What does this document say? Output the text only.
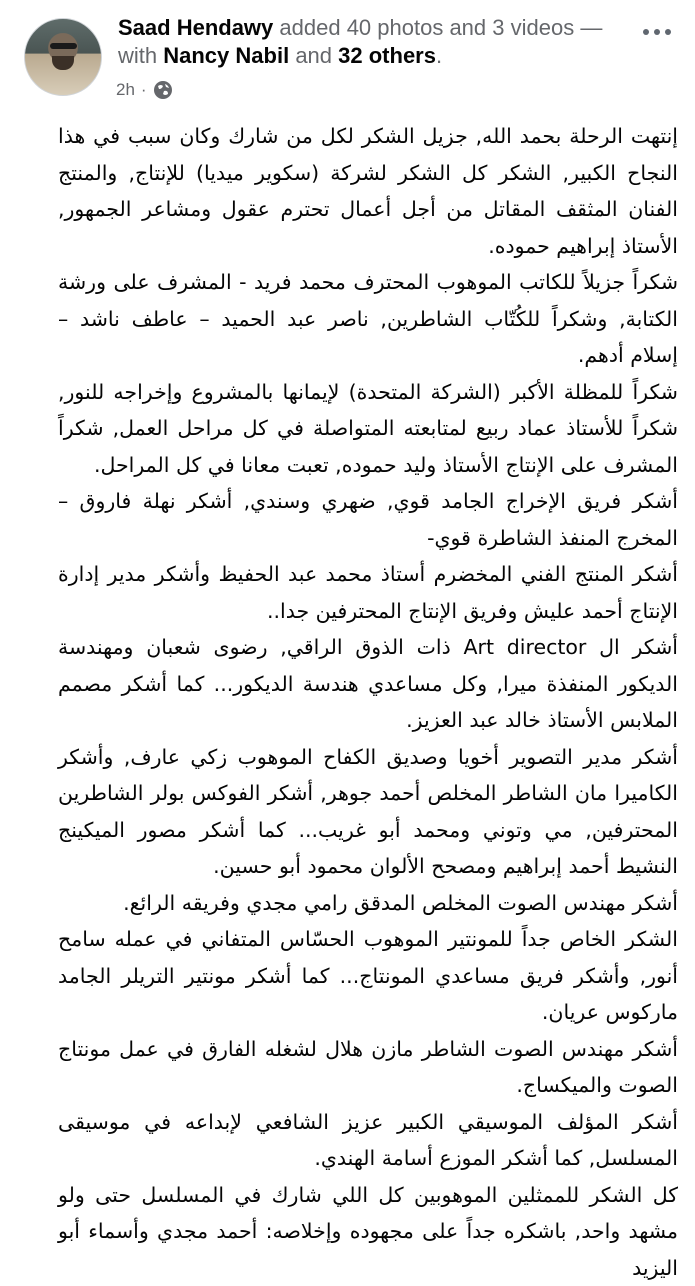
Saad Hendawy added 40 photos and 3 videos — with Nancy Nabil and 32 others.
2h ·

إنتهت الرحلة بحمد الله, جزيل الشكر لكل من شارك وكان سبب في هذا النجاح الكبير, الشكر كل الشكر لشركة (سكوير ميديا) للإنتاج, والمنتج الفنان المثقف المقاتل من أجل أعمال تحترم عقول ومشاعر الجمهور, الأستاذ إبراهيم حموده.

شكراً جزيلاً للكاتب الموهوب المحترف محمد فريد - المشرف على ورشة الكتابة, وشكراً للكُتّاب الشاطرين, ناصر عبد الحميد – عاطف ناشد – إسلام أدهم.

شكراً للمظلة الأكبر (الشركة المتحدة) لإيمانها بالمشروع وإخراجه للنور, شكراً للأستاذ عماد ربيع لمتابعته المتواصلة في كل مراحل العمل, شكراً المشرف على الإنتاج الأستاذ وليد حموده, تعبت معانا في كل المراحل.

أشكر فريق الإخراج الجامد قوي, ضهري وسندي, أشكر نهلة فاروق – المخرج المنفذ الشاطرة قوي-

أشكر المنتج الفني المخضرم أستاذ محمد عبد الحفيظ وأشكر مدير إدارة الإنتاج أحمد عليش وفريق الإنتاج المحترفين جدا..

أشكر ال Art director ذات الذوق الراقي, رضوى شعبان ومهندسة الديكور المنفذة ميرا, وكل مساعدي هندسة الديكور... كما أشكر مصمم الملابس الأستاذ خالد عبد العزيز.

أشكر مدير التصوير أخويا وصديق الكفاح الموهوب زكي عارف, وأشكر الكاميرا مان الشاطر المخلص أحمد جوهر, أشكر الفوكس بولر الشاطرين المحترفين, مي وتوني ومحمد أبو غريب... كما أشكر مصور الميكينج النشيط أحمد إبراهيم ومصحح الألوان محمود أبو حسين.

أشكر مهندس الصوت المخلص المدقق رامي مجدي وفريقه الرائع.

الشكر الخاص جداً للمونتير الموهوب الحسّاس المتفاني في عمله سامح أنور, وأشكر فريق مساعدي المونتاج... كما أشكر مونتير التريلر الجامد ماركوس عريان.

أشكر مهندس الصوت الشاطر مازن هلال لشغله الفارق في عمل مونتاج الصوت والميكساج.

أشكر المؤلف الموسيقي الكبير عزيز الشافعي لإبداعه في موسيقى المسلسل, كما أشكر الموزع أسامة الهندي.

كل الشكر للممثلين الموهوبين كل اللي شارك في المسلسل حتى ولو مشهد واحد, باشكره جداً على مجهوده وإخلاصه: أحمد مجدي وأسماء أبو اليزيد
